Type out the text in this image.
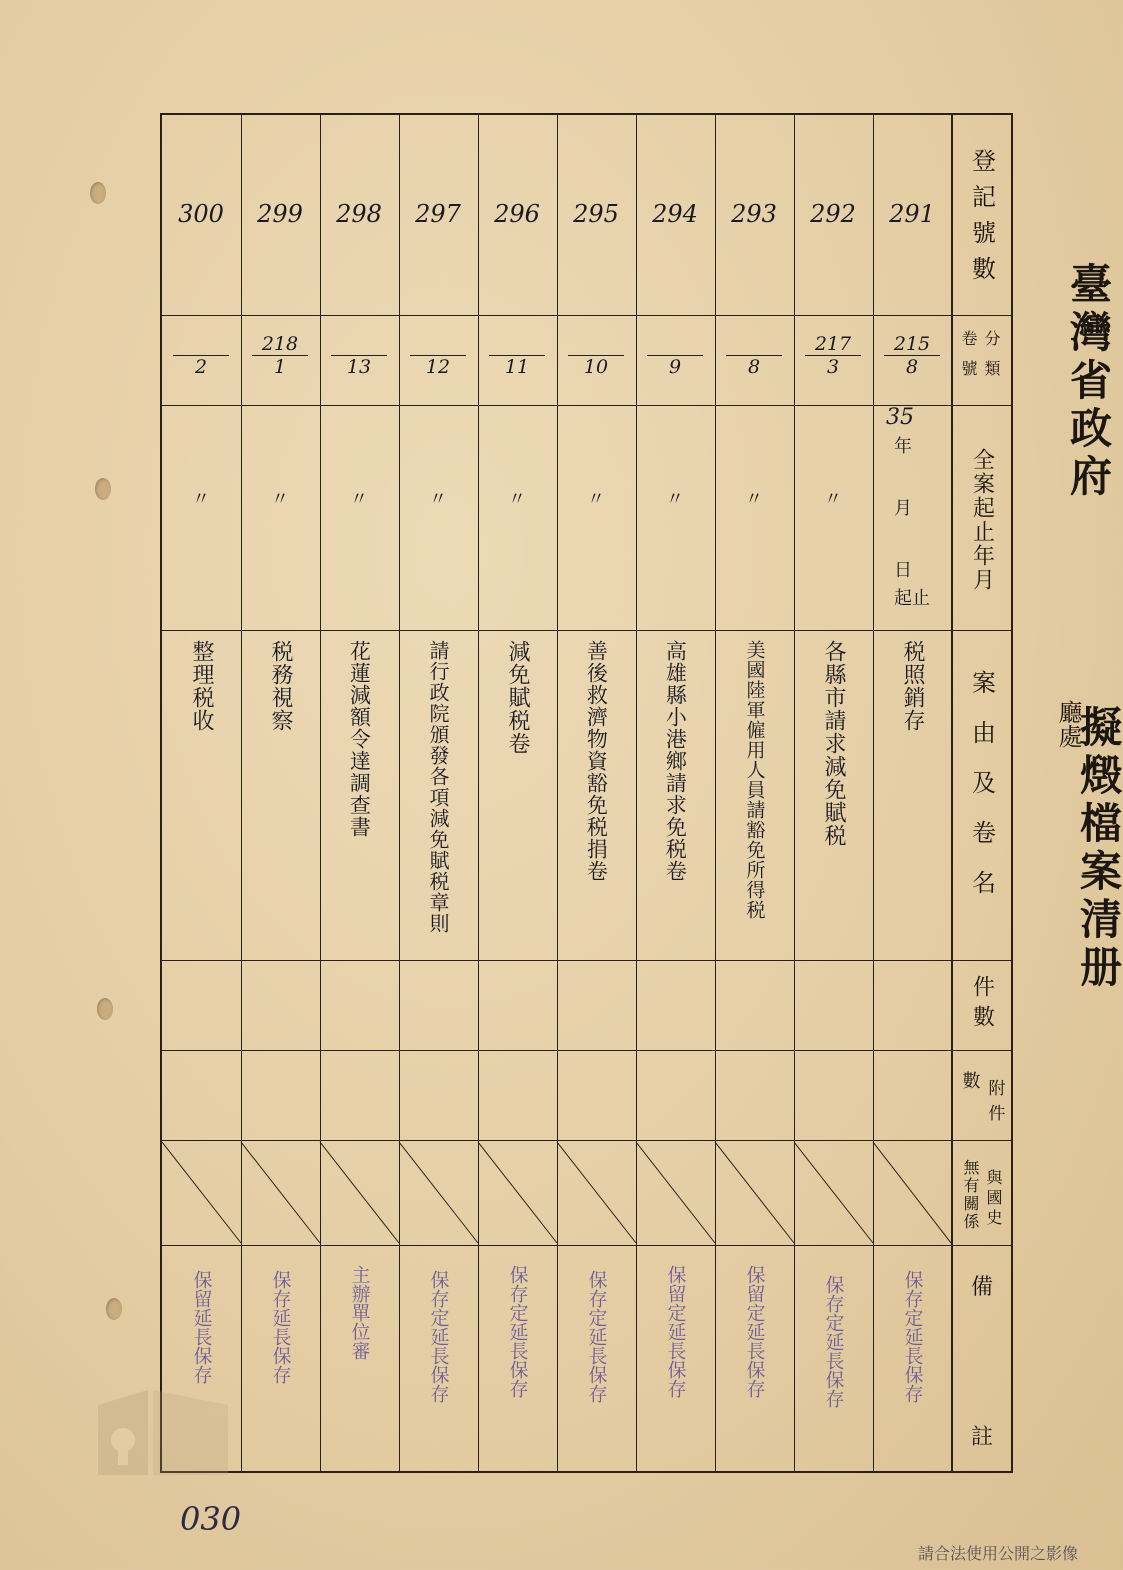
登記號數
卷號 分類
全案起止年月
案由及卷名
件數
數 附件
無有關係 與國史
備
註
291
215
8
35
年
月
日
起止
税照銷存
保存定延長保存
292
217
3
〃
各縣市請求減免賦税
保存定延長保存
293
8
〃
美國陸軍僱用人員請豁免所得税
保留定延長保存
294
9
〃
高雄縣小港鄉請求免税卷
保留定延長保存
295
10
〃
善後救濟物資豁免税捐卷
保存定延長保存
296
11
〃
減免賦税卷
保存定延長保存
297
12
〃
請行政院頒發各項減免賦税章則
保存定延長保存
298
13
〃
花蓮減額令達調查書
主辦單位審
299
218
1
〃
税務視察
保存延長保存
300
2
〃
整理税收
保留延長保存
臺灣省政府
廳處
擬燬檔案清册
030
請合法使用公開之影像
